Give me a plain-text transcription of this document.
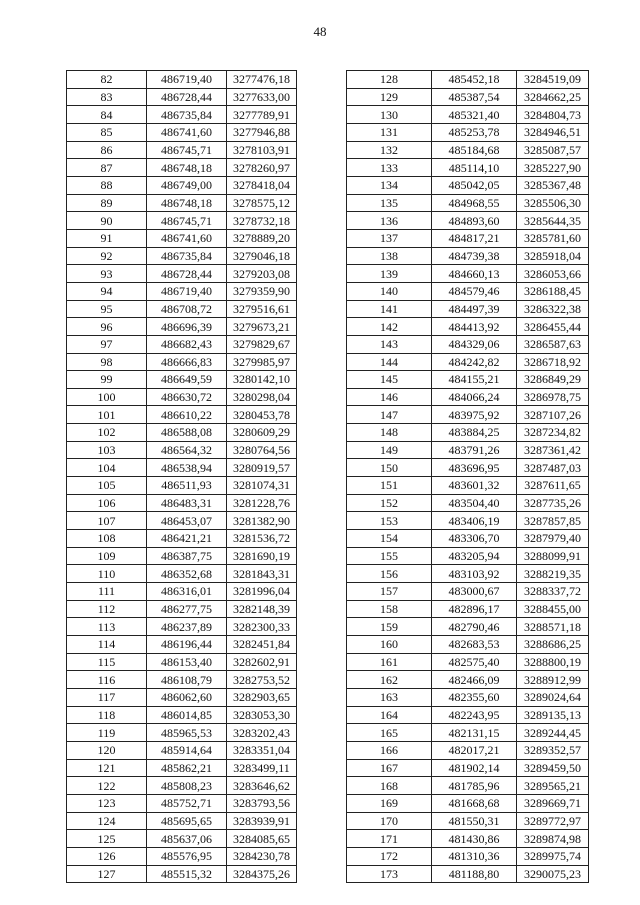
48
82	486719,40	3277476,18
83	486728,44	3277633,00
84	486735,84	3277789,91
85	486741,60	3277946,88
86	486745,71	3278103,91
87	486748,18	3278260,97
88	486749,00	3278418,04
89	486748,18	3278575,12
90	486745,71	3278732,18
91	486741,60	3278889,20
92	486735,84	3279046,18
93	486728,44	3279203,08
94	486719,40	3279359,90
95	486708,72	3279516,61
96	486696,39	3279673,21
97	486682,43	3279829,67
98	486666,83	3279985,97
99	486649,59	3280142,10
100	486630,72	3280298,04
101	486610,22	3280453,78
102	486588,08	3280609,29
103	486564,32	3280764,56
104	486538,94	3280919,57
105	486511,93	3281074,31
106	486483,31	3281228,76
107	486453,07	3281382,90
108	486421,21	3281536,72
109	486387,75	3281690,19
110	486352,68	3281843,31
111	486316,01	3281996,04
112	486277,75	3282148,39
113	486237,89	3282300,33
114	486196,44	3282451,84
115	486153,40	3282602,91
116	486108,79	3282753,52
117	486062,60	3282903,65
118	486014,85	3283053,30
119	485965,53	3283202,43
120	485914,64	3283351,04
121	485862,21	3283499,11
122	485808,23	3283646,62
123	485752,71	3283793,56
124	485695,65	3283939,91
125	485637,06	3284085,65
126	485576,95	3284230,78
127	485515,32	3284375,26
128	485452,18	3284519,09
129	485387,54	3284662,25
130	485321,40	3284804,73
131	485253,78	3284946,51
132	485184,68	3285087,57
133	485114,10	3285227,90
134	485042,05	3285367,48
135	484968,55	3285506,30
136	484893,60	3285644,35
137	484817,21	3285781,60
138	484739,38	3285918,04
139	484660,13	3286053,66
140	484579,46	3286188,45
141	484497,39	3286322,38
142	484413,92	3286455,44
143	484329,06	3286587,63
144	484242,82	3286718,92
145	484155,21	3286849,29
146	484066,24	3286978,75
147	483975,92	3287107,26
148	483884,25	3287234,82
149	483791,26	3287361,42
150	483696,95	3287487,03
151	483601,32	3287611,65
152	483504,40	3287735,26
153	483406,19	3287857,85
154	483306,70	3287979,40
155	483205,94	3288099,91
156	483103,92	3288219,35
157	483000,67	3288337,72
158	482896,17	3288455,00
159	482790,46	3288571,18
160	482683,53	3288686,25
161	482575,40	3288800,19
162	482466,09	3288912,99
163	482355,60	3289024,64
164	482243,95	3289135,13
165	482131,15	3289244,45
166	482017,21	3289352,57
167	481902,14	3289459,50
168	481785,96	3289565,21
169	481668,68	3289669,71
170	481550,31	3289772,97
171	481430,86	3289874,98
172	481310,36	3289975,74
173	481188,80	3290075,23
